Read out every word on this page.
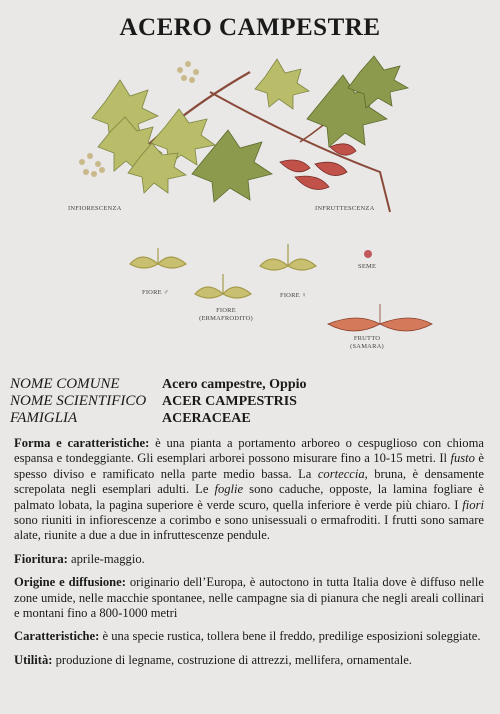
ACERO CAMPESTRE
INFIORESCENZA	INFRUTTESCENZA
SEME
FIORE ♂
FIORE
(ERMAFRODITO)
FIORE ♀
FRUTTO
(SAMARA)
NOME COMUNE	Acero campestre, Oppio
NOME SCIENTIFICO	ACER CAMPESTRIS
FAMIGLIA	ACERACEAE

Forma e caratteristiche: è una pianta a portamento arboreo o cespuglioso con chioma espansa e tondeggiante. Gli esemplari arborei possono misurare fino a 10-15 metri. Il fusto è spesso diviso e ramificato nella parte medio bassa. La corteccia, bruna, è densamente screpolata negli esemplari adulti. Le foglie sono caduche, opposte, la lamina fogliare è palmato lobata, la pagina superiore è verde scuro, quella inferiore è verde più chiaro. I fiori sono riuniti in infiorescenze a corimbo e sono unisessuali o ermafroditi. I frutti sono samare alate, riunite a due a due in infruttescenze pendule.

Fioritura: aprile-maggio.

Origine e diffusione: originario dell’Europa, è autoctono in tutta Italia dove è diffuso nelle zone umide, nelle macchie spontanee, nelle campagne sia di pianura che negli areali collinari e montani fino a 800-1000 metri

Caratteristiche: è una specie rustica, tollera bene il freddo, predilige esposizioni soleggiate.

Utilità: produzione di legname, costruzione di attrezzi, mellifera, ornamentale.
